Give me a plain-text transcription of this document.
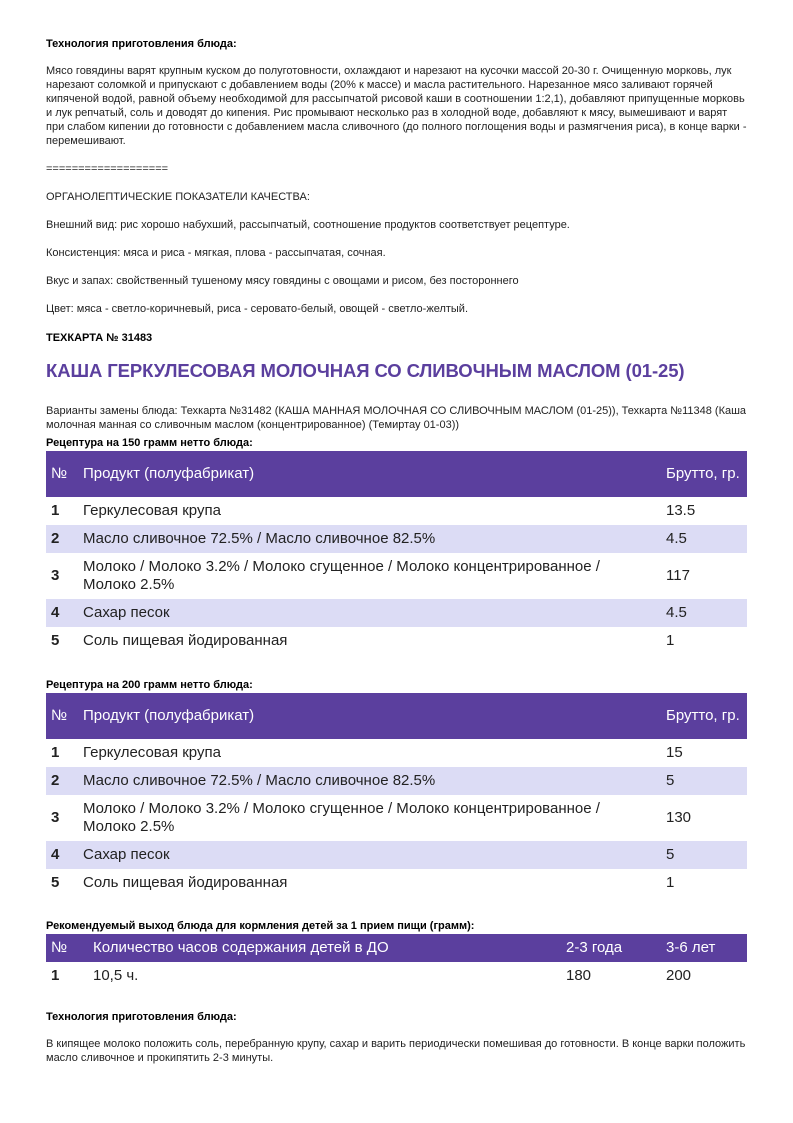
Технология приготовления блюда:
Мясо говядины варят крупным куском до полуготовности, охлаждают и нарезают на кусочки массой 20-30 г. Очищенную морковь, лук нарезают соломкой и припускают с добавлением воды (20% к массе) и масла растительного. Нарезанное мясо заливают горячей кипяченой водой, равной объему необходимой для рассыпчатой рисовой каши в соотношении 1:2,1), добавляют припущенные морковь и лук репчатый, соль и доводят до кипения. Рис промывают несколько раз в холодной воде, добавляют к мясу, вымешивают и варят при слабом кипении до готовности с добавлением масла сливочного (до полного поглощения воды и размягчения риса), в конце варки - перемешивают.
===================
ОРГАНОЛЕПТИЧЕСКИЕ ПОКАЗАТЕЛИ КАЧЕСТВА:
Внешний вид: рис хорошо набухший, рассыпчатый, соотношение продуктов соответствует рецептуре.
Консистенция: мяса и риса - мягкая, плова - рассыпчатая, сочная.
Вкус и запах: свойственный тушеному мясу говядины с овощами и рисом, без постороннего
Цвет: мяса - светло-коричневый, риса - серовато-белый, овощей - светло-желтый.
ТЕХКАРТА № 31483
КАША ГЕРКУЛЕСОВАЯ МОЛОЧНАЯ СО СЛИВОЧНЫМ МАСЛОМ (01-25)
Варианты замены блюда: Техкарта №31482 (КАША МАННАЯ МОЛОЧНАЯ СО СЛИВОЧНЫМ МАСЛОМ (01-25)), Техкарта №11348 (Каша молочная манная со сливочным маслом (концентрированное) (Темиртау 01-03))
Рецептура на 150 грамм нетто блюда:
№	Продукт (полуфабрикат)	Брутто, гр.
1	Геркулесовая крупа	13.5
2	Масло сливочное 72.5% / Масло сливочное 82.5%	4.5
3	Молоко / Молоко 3.2% / Молоко сгущенное / Молоко концентрированное / Молоко 2.5%	117
4	Сахар песок	4.5
5	Соль пищевая йодированная	1
Рецептура на 200 грамм нетто блюда:
№	Продукт (полуфабрикат)	Брутто, гр.
1	Геркулесовая крупа	15
2	Масло сливочное 72.5% / Масло сливочное 82.5%	5
3	Молоко / Молоко 3.2% / Молоко сгущенное / Молоко концентрированное / Молоко 2.5%	130
4	Сахар песок	5
5	Соль пищевая йодированная	1
Рекомендуемый выход блюда для кормления детей за 1 прием пищи (грамм):
№	Количество часов содержания детей в ДО	2-3 года	3-6 лет
1	10,5 ч.	180	200
Технология приготовления блюда:
В кипящее молоко положить соль, перебранную крупу, сахар и варить периодически помешивая до готовности. В конце варки положить масло сливочное и прокипятить 2-3 минуты.
